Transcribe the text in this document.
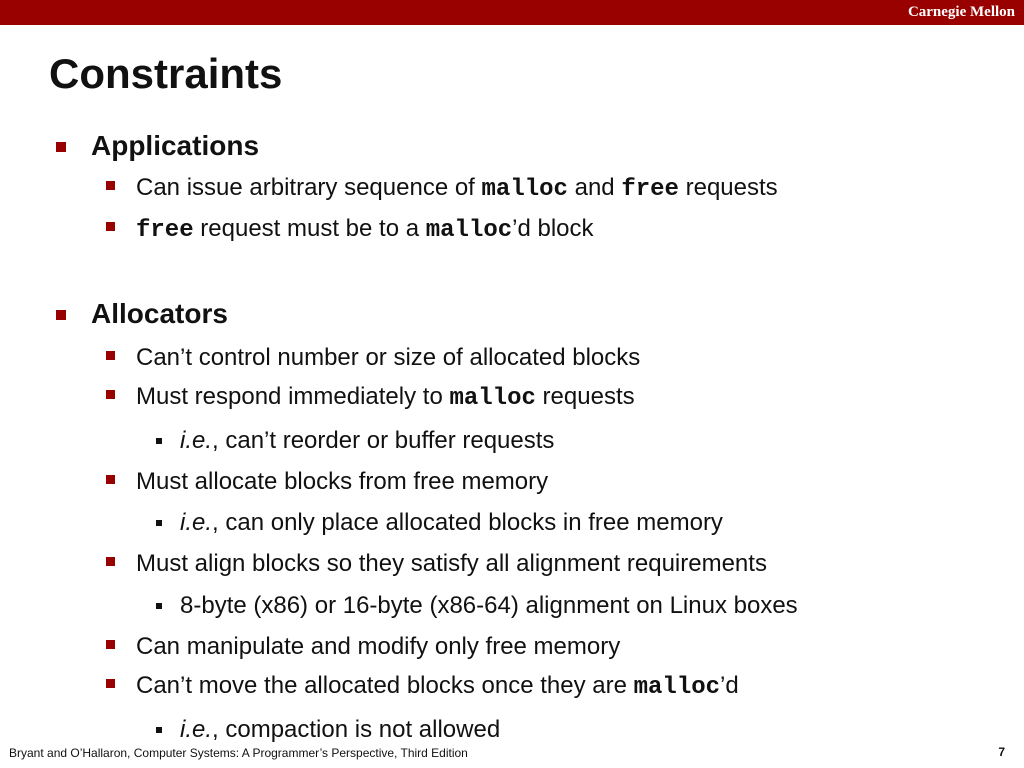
Carnegie Mellon
Constraints
Applications
Can issue arbitrary sequence of malloc and free requests
free request must be to a malloc’d block
Allocators
Can’t control number or size of allocated blocks
Must respond immediately to malloc requests
i.e., can’t reorder or buffer requests
Must allocate blocks from free memory
i.e., can only place allocated blocks in free memory
Must align blocks so they satisfy all alignment requirements
8-byte (x86) or 16-byte (x86-64) alignment on Linux boxes
Can manipulate and modify only free memory
Can’t move the allocated blocks once they are malloc’d
i.e., compaction is not allowed
Bryant and O’Hallaron, Computer Systems: A Programmer’s Perspective, Third Edition	7
